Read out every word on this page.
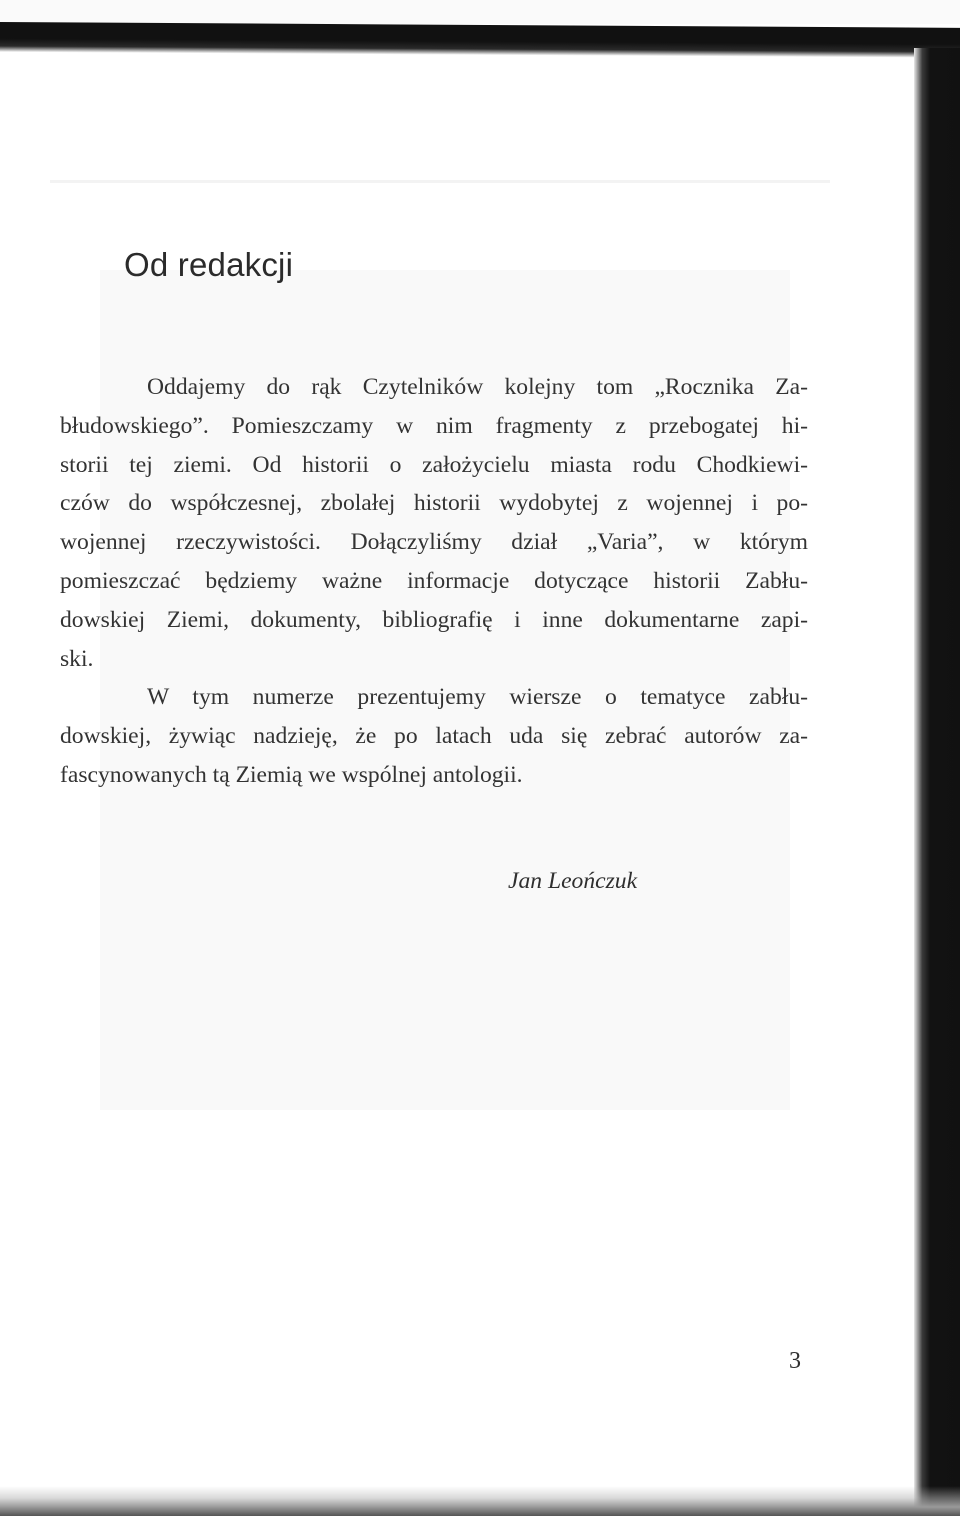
Od redakcji
Oddajemy do rąk Czytelników kolejny tom „Rocznika Za-
błudowskiego”. Pomieszczamy w nim fragmenty z przebogatej hi-
storii tej ziemi. Od historii o założycielu miasta rodu Chodkiewi-
czów do współczesnej, zbolałej historii wydobytej z wojennej i po-
wojennej rzeczywistości. Dołączyliśmy dział „Varia”, w którym
pomieszczać będziemy ważne informacje dotyczące historii Zabłu-
dowskiej Ziemi, dokumenty, bibliografię i inne dokumentarne zapi-
ski.
W tym numerze prezentujemy wiersze o tematyce zabłu-
dowskiej, żywiąc nadzieję, że po latach uda się zebrać autorów za-
fascynowanych tą Ziemią we wspólnej antologii.
Jan Leończuk
3
